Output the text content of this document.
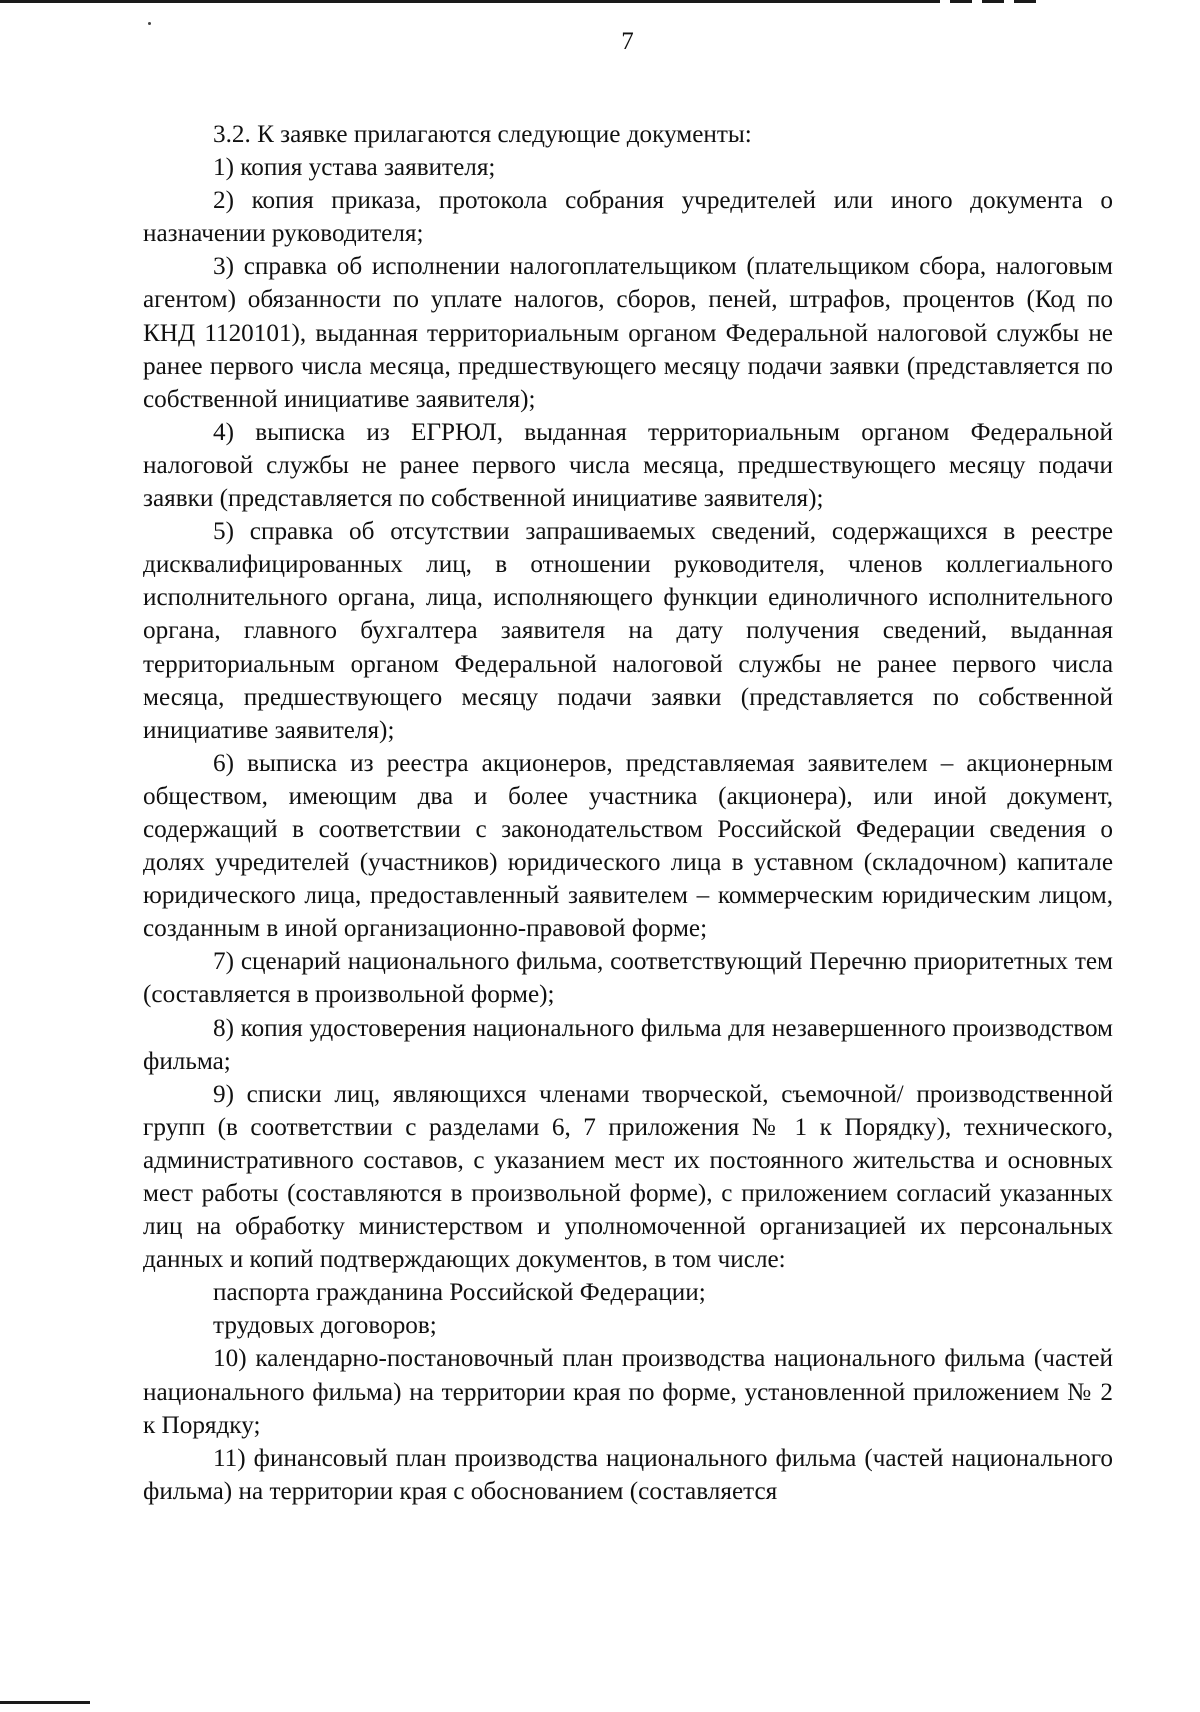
7

3.2. К заявке прилагаются следующие документы:

1) копия устава заявителя;

2) копия приказа, протокола собрания учредителей или иного документа о назначении руководителя;

3) справка об исполнении налогоплательщиком (плательщиком сбора, налоговым агентом) обязанности по уплате налогов, сборов, пеней, штрафов, процентов (Код по КНД 1120101), выданная территориальным органом Федеральной налоговой службы не ранее первого числа месяца, предшествующего месяцу подачи заявки (представляется по собственной инициативе заявителя);

4) выписка из ЕГРЮЛ, выданная территориальным органом Федеральной налоговой службы не ранее первого числа месяца, предшествующего месяцу подачи заявки (представляется по собственной инициативе заявителя);

5) справка об отсутствии запрашиваемых сведений, содержащихся в реестре дисквалифицированных лиц, в отношении руководителя, членов коллегиального исполнительного органа, лица, исполняющего функции единоличного исполнительного органа, главного бухгалтера заявителя на дату получения сведений, выданная территориальным органом Федеральной налоговой службы не ранее первого числа месяца, предшествующего месяцу подачи заявки (представляется по собственной инициативе заявителя);

6) выписка из реестра акционеров, представляемая заявителем – акционерным обществом, имеющим два и более участника (акционера), или иной документ, содержащий в соответствии с законодательством Российской Федерации сведения о долях учредителей (участников) юридического лица в уставном (складочном) капитале юридического лица, предоставленный заявителем – коммерческим юридическим лицом, созданным в иной организационно-правовой форме;

7) сценарий национального фильма, соответствующий Перечню приоритетных тем (составляется в произвольной форме);

8) копия удостоверения национального фильма для незавершенного производством фильма;

9) списки лиц, являющихся членами творческой, съемочной/ производственной групп (в соответствии с разделами 6, 7 приложения № 1 к Порядку), технического, административного составов, с указанием мест их постоянного жительства и основных мест работы (составляются в произвольной форме), с приложением согласий указанных лиц на обработку министерством и уполномоченной организацией их персональных данных и копий подтверждающих документов, в том числе:

паспорта гражданина Российской Федерации;

трудовых договоров;

10) календарно-постановочный план производства национального фильма (частей национального фильма) на территории края по форме, установленной приложением № 2 к Порядку;

11) финансовый план производства национального фильма (частей национального фильма) на территории края с обоснованием (составляется
